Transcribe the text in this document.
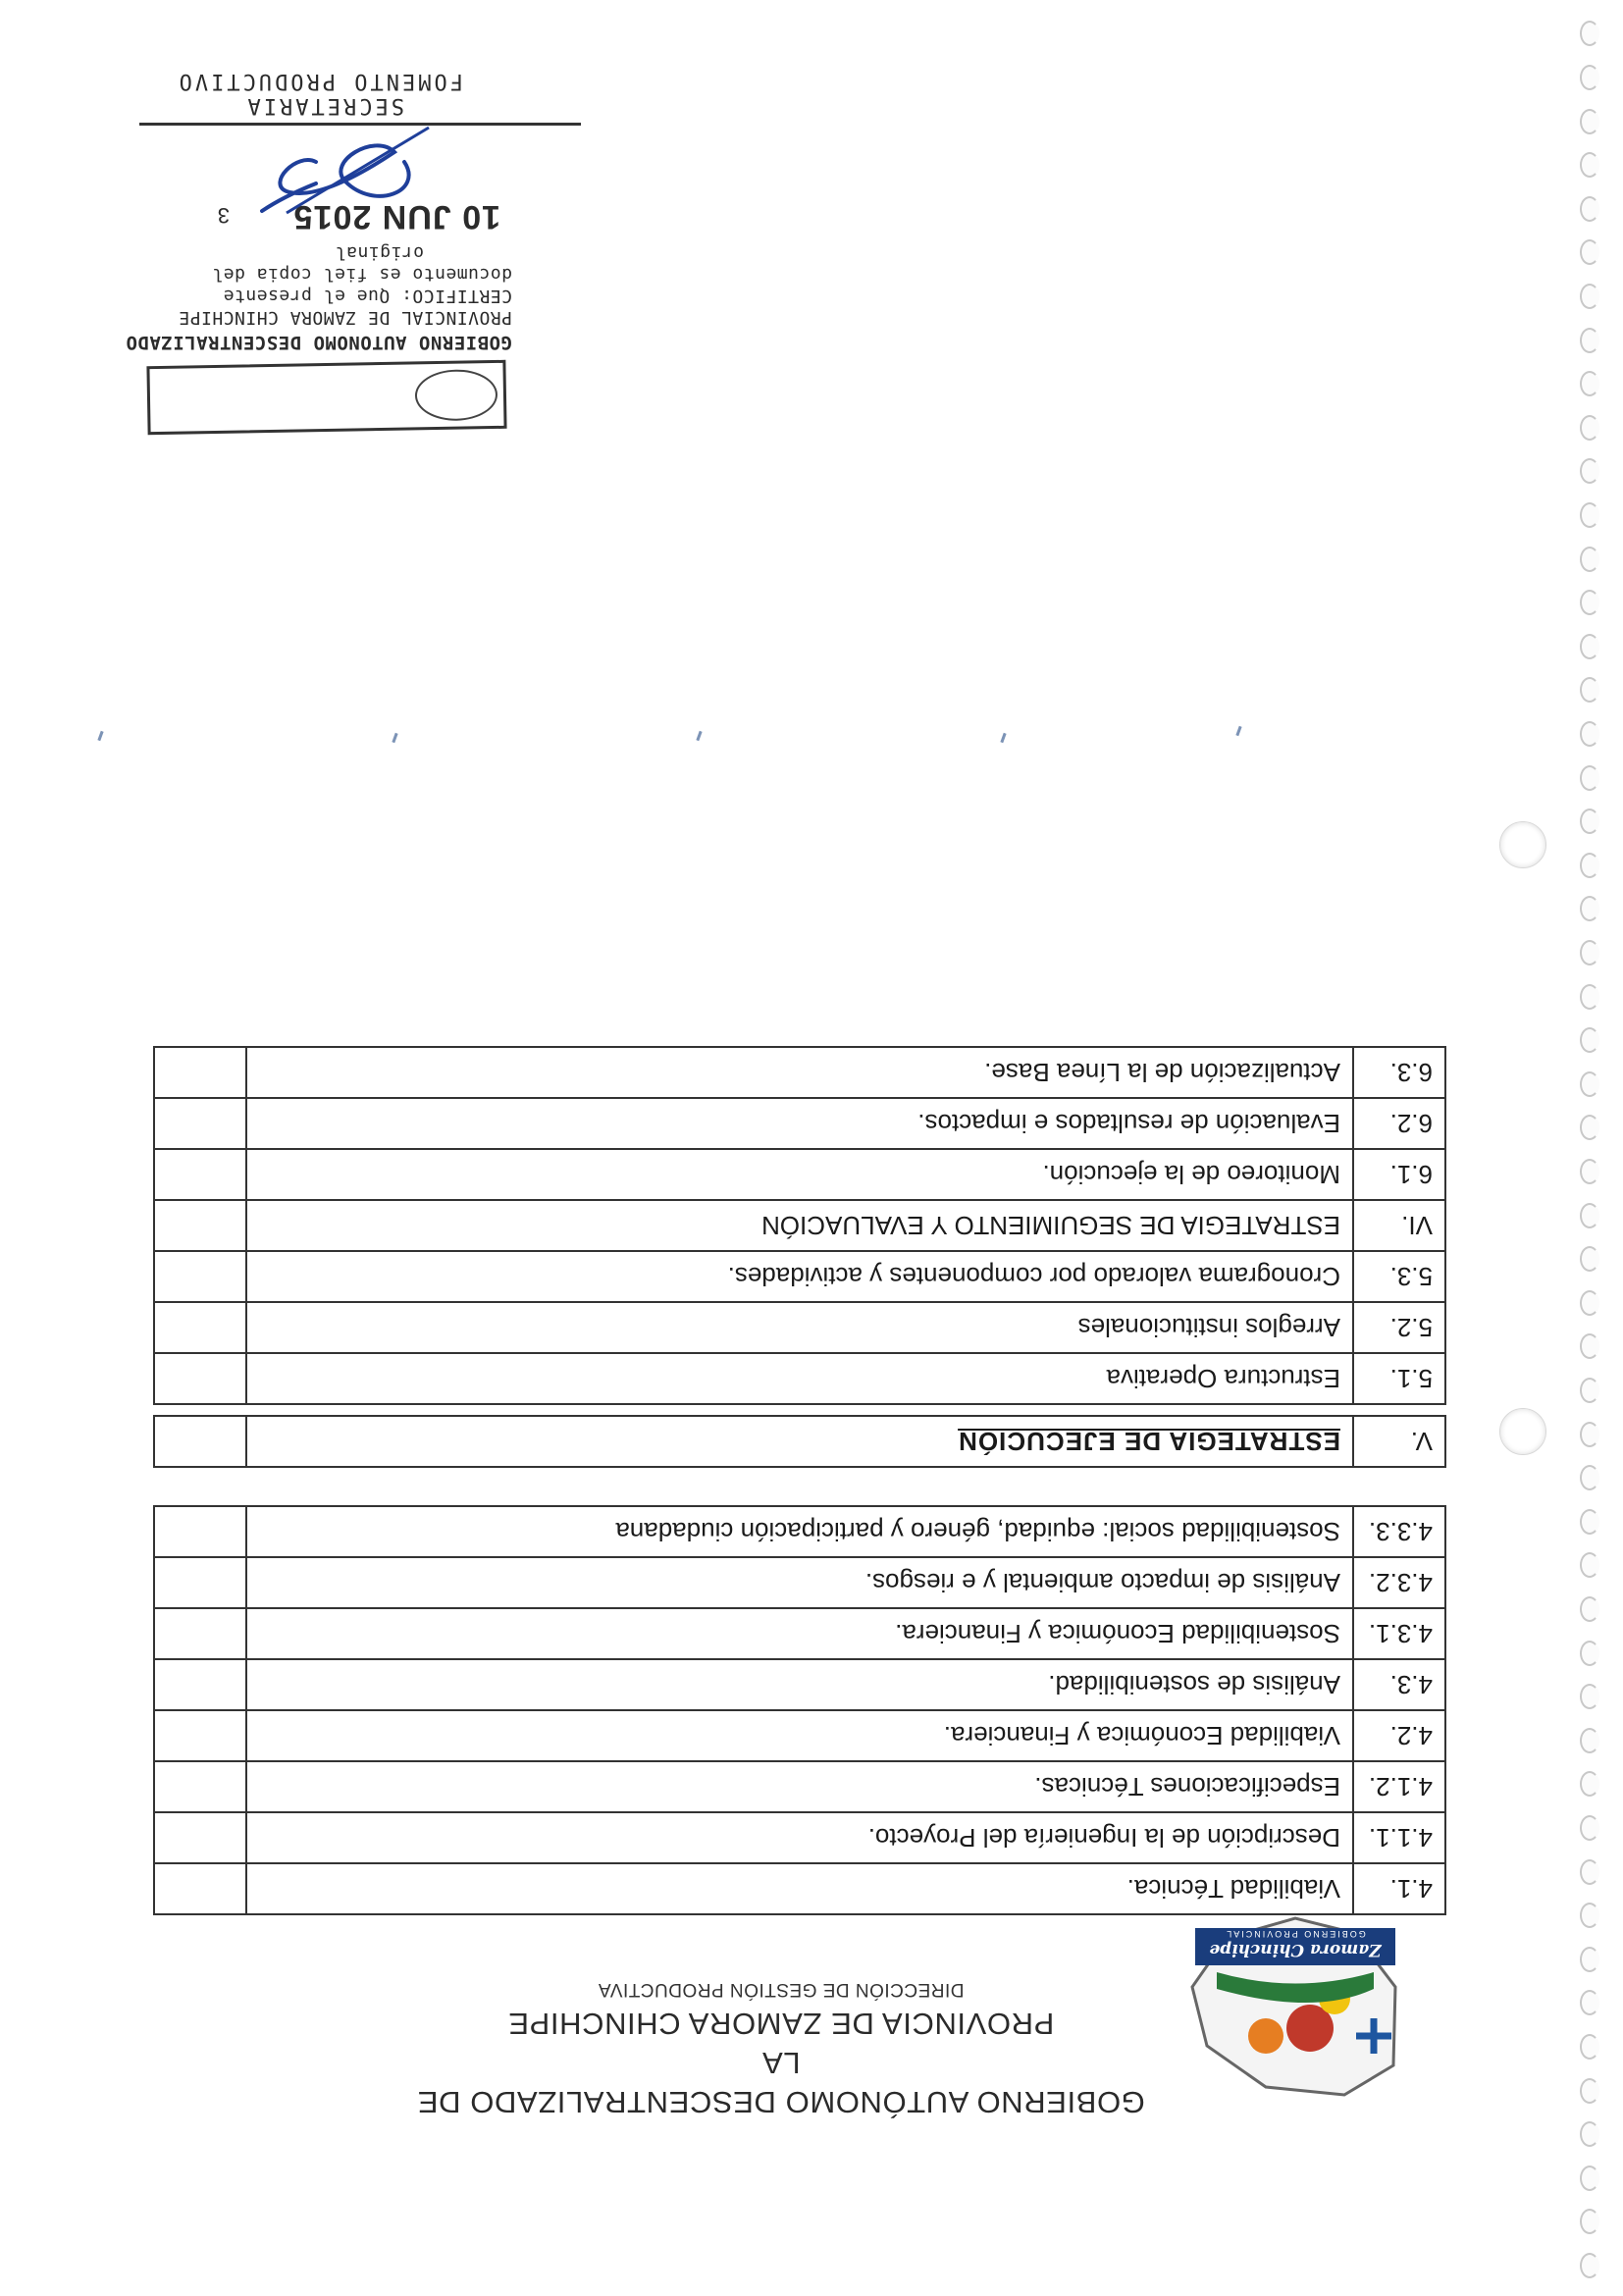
Zamora Chinchipe
GOBIERNO PROVINCIAL
GOBIERNO AUTÓNOMO DESCENTRALIZADO DE LA
PROVINCIA DE ZAMORA CHINCHIPE
DIRECCIÓN DE GESTIÓN PRODUCTIVA
4.1.	Viabilidad Técnica.	
4.1.1.	Descripción de la Ingeniería del Proyecto.	
4.1.2.	Especificaciones Técnicas.	
4.2.	Viabilidad Económica y Financiera.	
4.3.	Análisis de sostenibilidad.	
4.3.1.	Sostenibilidad Económica y Financiera.	
4.3.2.	Análisis de impacto ambiental y e riesgos.	
4.3.3.	Sostenibilidad social: equidad, género y participación ciudadana	
V.	ESTRATEGIA DE EJECUCIÓN	
5.1.	Estructura Operativa	
5.2.	Arreglos institucionales	
5.3.	Cronograma valorado por componentes y actividades.	
VI.	ESTRATEGIA DE SEGUIMIENTO Y EVALUACIÓN	
6.1.	Monitoreo de la ejecución.	
6.2.	Evaluación de resultados e impactos.	
6.3.	Actualización de la Línea Base.	
GOBIERNO AUTONOMO DESCENTRALIZADO
PROVINCIAL DE ZAMORA CHINCHIPE
CERTIFICO: Que el presente
documento es fiel copia del
original
10 JUN 2015
3
SECRETARIA
FOMENTO PRODUCTIVO
